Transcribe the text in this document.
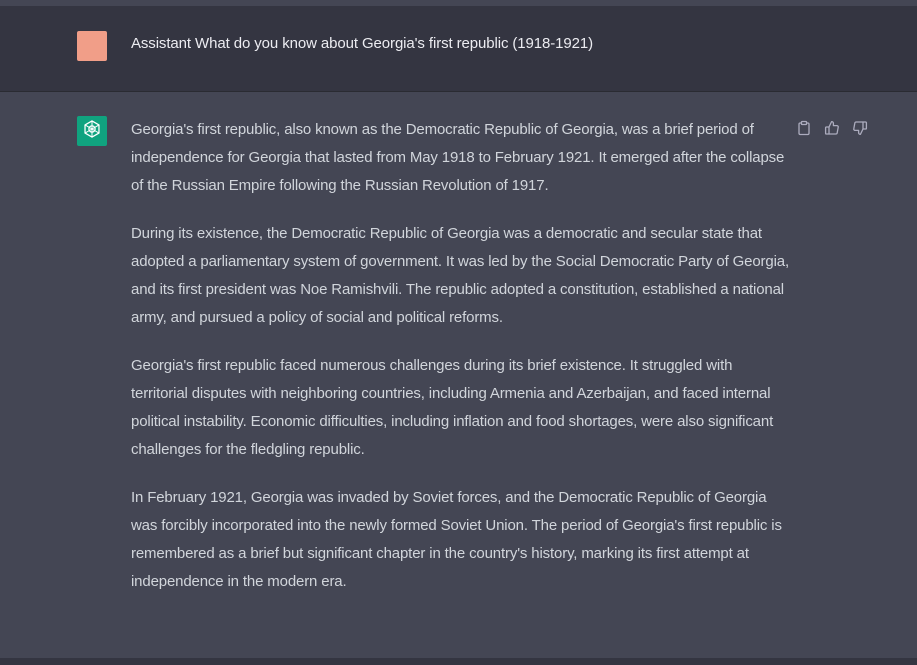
Assistant What do you know about Georgia's first republic (1918-1921)

Georgia's first republic, also known as the Democratic Republic of Georgia, was a brief period of independence for Georgia that lasted from May 1918 to February 1921. It emerged after the collapse of the Russian Empire following the Russian Revolution of 1917.

During its existence, the Democratic Republic of Georgia was a democratic and secular state that adopted a parliamentary system of government. It was led by the Social Democratic Party of Georgia, and its first president was Noe Ramishvili. The republic adopted a constitution, established a national army, and pursued a policy of social and political reforms.

Georgia's first republic faced numerous challenges during its brief existence. It struggled with territorial disputes with neighboring countries, including Armenia and Azerbaijan, and faced internal political instability. Economic difficulties, including inflation and food shortages, were also significant challenges for the fledgling republic.

In February 1921, Georgia was invaded by Soviet forces, and the Democratic Republic of Georgia was forcibly incorporated into the newly formed Soviet Union. The period of Georgia's first republic is remembered as a brief but significant chapter in the country's history, marking its first attempt at independence in the modern era.
